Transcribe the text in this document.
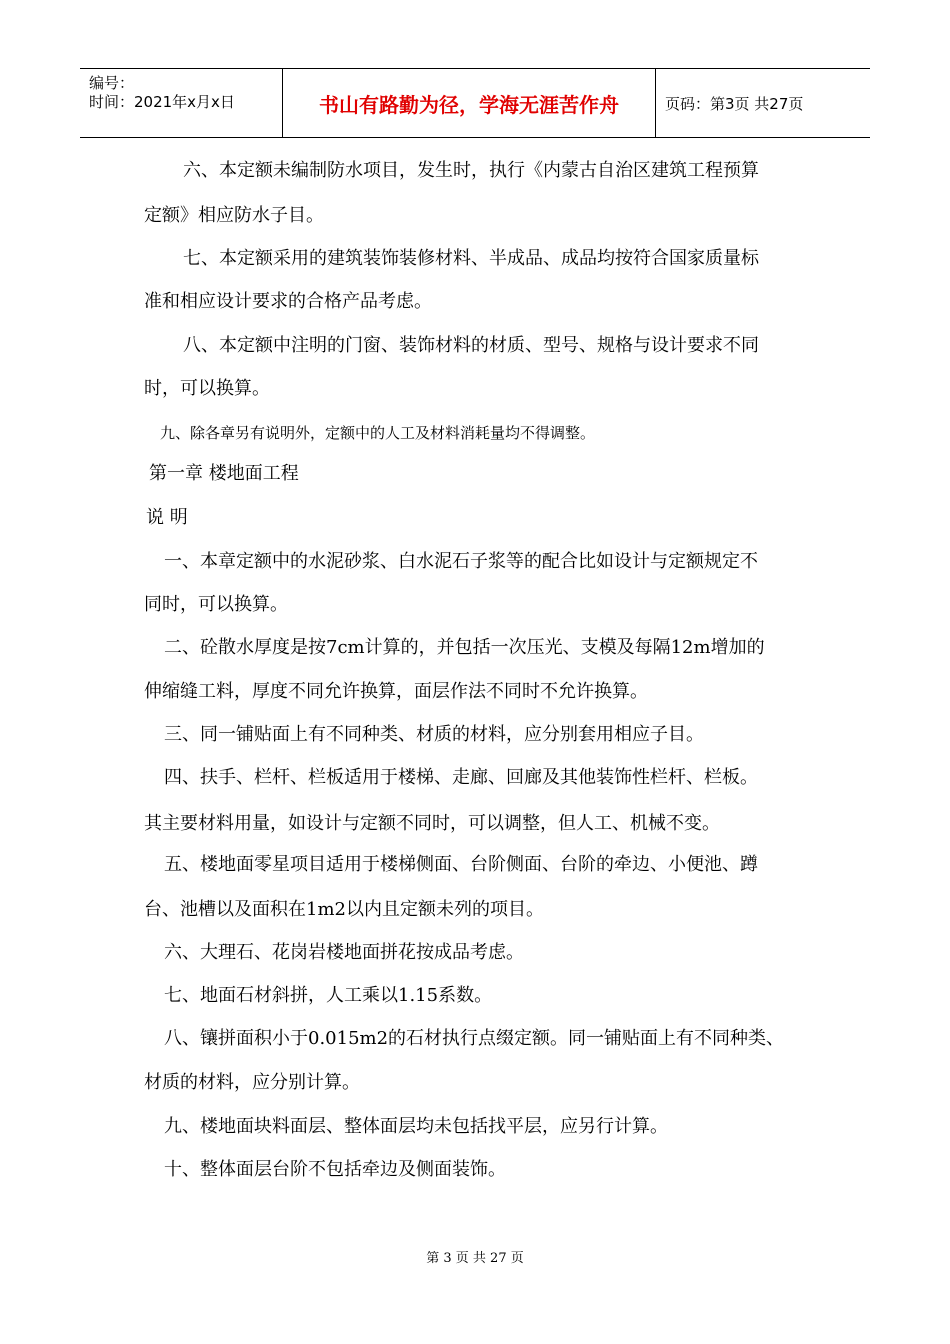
编号：
时间：2021年x月x日	书山有路勤为径，学海无涯苦作舟	页码：第3页 共27页
六、本定额未编制防水项目，发生时，执行《内蒙古自治区建筑工程预算
定额》相应防水子目。
七、本定额采用的建筑装饰装修材料、半成品、成品均按符合国家质量标
准和相应设计要求的合格产品考虑。
八、本定额中注明的门窗、装饰材料的材质、型号、规格与设计要求不同
时，可以换算。
九、除各章另有说明外，定额中的人工及材料消耗量均不得调整。
第一章 楼地面工程
说 明
一、本章定额中的水泥砂浆、白水泥石子浆等的配合比如设计与定额规定不
同时，可以换算。
二、砼散水厚度是按7cm计算的，并包括一次压光、支模及每隔12m增加的
伸缩缝工料，厚度不同允许换算，面层作法不同时不允许换算。
三、同一铺贴面上有不同种类、材质的材料，应分别套用相应子目。
四、扶手、栏杆、栏板适用于楼梯、走廊、回廊及其他装饰性栏杆、栏板。
其主要材料用量，如设计与定额不同时，可以调整，但人工、机械不变。
五、楼地面零星项目适用于楼梯侧面、台阶侧面、台阶的牵边、小便池、蹲
台、池槽以及面积在1m2以内且定额未列的项目。
六、大理石、花岗岩楼地面拼花按成品考虑。
七、地面石材斜拼，人工乘以1.15系数。
八、镶拼面积小于0.015m2的石材执行点缀定额。同一铺贴面上有不同种类、
材质的材料，应分别计算。
九、楼地面块料面层、整体面层均未包括找平层，应另行计算。
十、整体面层台阶不包括牵边及侧面装饰。
第 3 页 共 27 页
